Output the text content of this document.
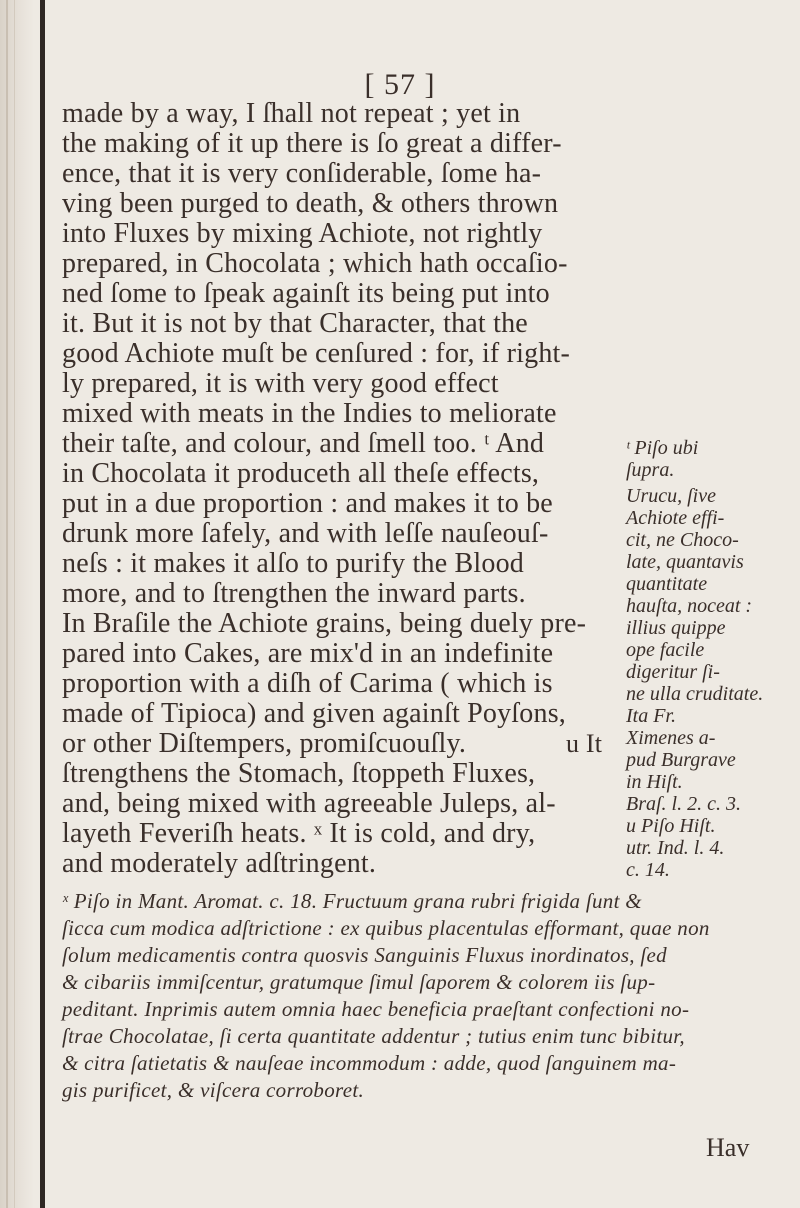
[ 57 ]
made by a way, I ſhall not repeat ; yet in
the making of it up there is ſo great a differ-
ence, that it is very conſiderable, ſome ha-
ving been purged to death, & others thrown
into Fluxes by mixing Achiote, not rightly
prepared, in Chocolata ; which hath occaſio-
ned ſome to ſpeak againſt its being put into
it. But it is not by that Character, that the
good Achiote muſt be cenſured : for, if right-
ly prepared, it is with very good effect
mixed with meats in the Indies to meliorate
their taſte, and colour, and ſmell too. ᵗ And
in Chocolata it produceth all theſe effects,
put in a due proportion : and makes it to be
drunk more ſafely, and with leſſe nauſeouſ-
neſs : it makes it alſo to purify the Blood
more, and to ſtrengthen the inward parts.
In Braſile the Achiote grains, being duely pre-
pared into Cakes, are mix'd in an indefinite
proportion with a diſh of Carima ( which is
made of Tipioca) and given againſt Poyſons,
or other Diſtempers, promiſcuouſly.
ſtrengthens the Stomach, ſtoppeth Fluxes,
and, being mixed with agreeable Juleps, al-
layeth Feveriſh heats. ˣ It is cold, and dry,
and moderately adſtringent.
ᵗ Piſo ubi
ſupra.
Urucu, ſive
Achiote effi-
cit, ne Choco-
late, quantavis
quantitate
hauſta, noceat :
illius quippe
ope facile
digeritur ſi-
ne ulla cruditate.
Ita Fr.
Ximenes a-
pud Burgrave
in Hiſt.
Braſ. l. 2. c. 3.
u Piſo Hiſt.
utr. Ind. l. 4.
c. 14.
u It
ˣ Piſo in Mant. Aromat. c. 18. Fructuum grana rubri frigida ſunt &
ſicca cum modica adſtrictione : ex quibus placentulas efformant, quae non
ſolum medicamentis contra quosvis Sanguinis Fluxus inordinatos, ſed
& cibariis immiſcentur, gratumque ſimul ſaporem & colorem iis ſup-
peditant. Inprimis autem omnia haec beneficia praeſtant confectioni no-
ſtrae Chocolatae, ſi certa quantitate addentur ; tutius enim tunc bibitur,
& citra ſatietatis & nauſeae incommodum : adde, quod ſanguinem ma-
gis purificet, & viſcera corroboret.
Hav
